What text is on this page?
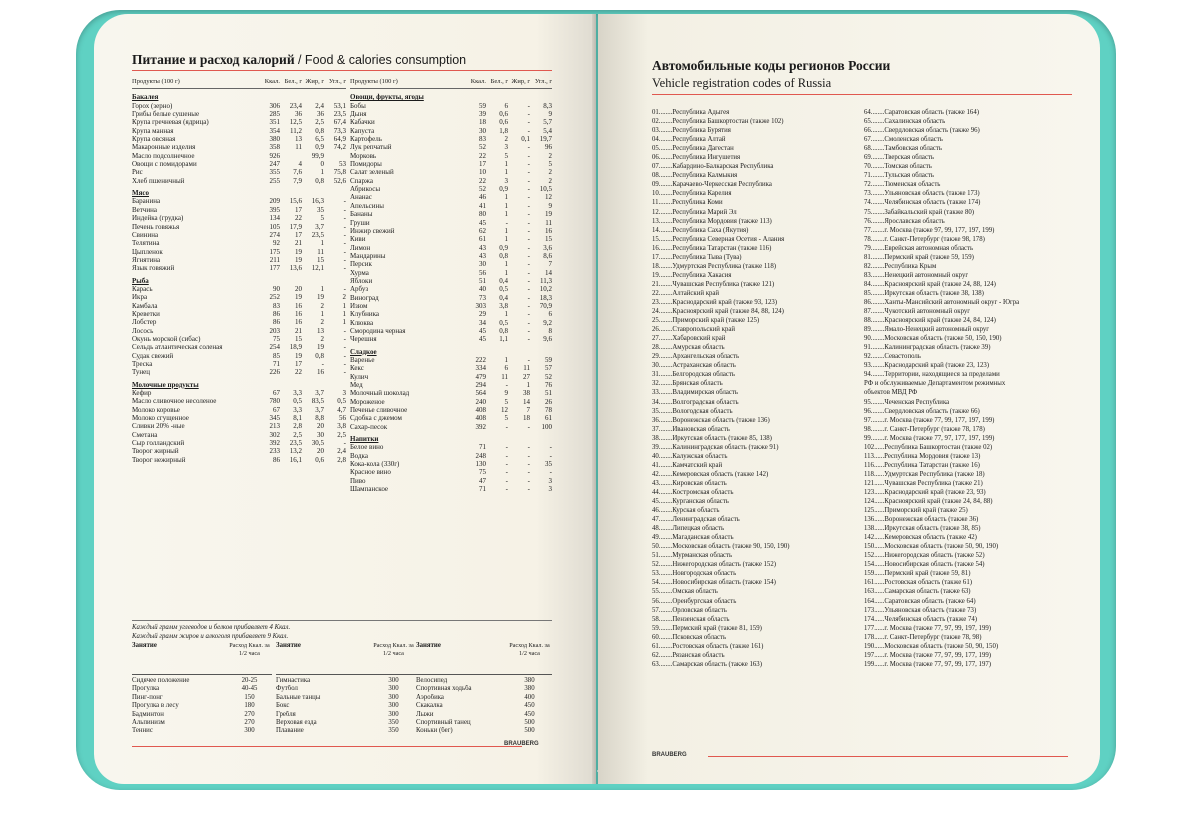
Питание и расход калорий / Food & calories consumption
Продукты (100 г)	Ккал. Бел., г Жир, г Угл., г
Бакалея
Горох (зерно)	306	23,4	2,4	53,1
Грибы белые сушеные	285	36	36	23,5
Крупа гречневая (ядрица)	351	12,5	2,5	67,4
Крупа манная	354	11,2	0,8	73,3
Крупа овсяная	380	13	6,5	64,9
Макаронные изделия	358	11	0,9	74,2
Масло подсолнечное	926	99,9
Овощи с помидорами	247	4	0	53
Рис	355	7,6	1	75,8
Хлеб пшеничный	255	7,9	0,8	52,6
Мясо
Баранина	209	15,6	16,3	-
Ветчина	395	17	35	-
Индейка (грудка)	134	22	5	-
Печень говяжья	105	17,9	3,7	-
Свинина	274	17	23,5	-
Телятина	92	21	1	-
Цыпленок	175	19	11	-
Ягнятина	211	19	15	-
Язык говяжий	177	13,6	12,1	-
Рыба
Карась	90	20	1	-
Икра	252	19	19	2
Камбала	83	16	2	1
Креветки	86	16	1	1
Лобстер	86	16	2	1
Лосось	203	21	13	-
Окунь морской (сибас)	75	15	2	-
Сельдь атлантическая соленая	254	18,9	19	-
Судак свежий	85	19	0,8	-
Треска	71	17	-	-
Тунец	226	22	16	-
Молочные продукты
Кефир	67	3,3	3,7	3
Масло сливочное несоленое	780	0,5	83,5	0,5
Молоко коровье	67	3,3	3,7	4,7
Молоко сгущенное	345	8,1	8,8	56
Сливки 20% -ные	213	2,8	20	3,8
Сметана	302	2,5	30	2,5
Сыр голландский	392	23,5	30,5	-
Творог жирный	233	13,2	20	2,4
Творог нежирный	86	16,1	0,6	2,8
Продукты (100 г)	Ккал. Бел., г Жир, г Угл., г
Овощи, фрукты, ягоды
Бобы	59	6	-	8,3
Дыня	39	0,6	-	9
Кабачки	18	0,6	-	5,7
Капуста	30	1,8	-	5,4
Картофель	83	2	0,1	19,7
Лук репчатый	52	3	-	96
Морковь	22	5	-	2
Помидоры	17	1	-	5
Салат зеленый	10	1	-	2
Спаржа	22	3	-	2
Абрикосы	52	0,9	-	10,5
Ананас	46	1	-	12
Апельсины	41	1	-	9
Бананы	80	1	-	19
Груши	45	-	-	11
Инжир свежий	62	1	-	16
Киви	61	1	-	15
Лимон	43	0,9	-	3,6
Мандарины	43	0,8	-	8,6
Персик	30	1	-	7
Хурма	56	1	-	14
Яблоки	51	0,4	-	11,3
Арбуз	40	0,5	-	10,2
Виноград	73	0,4	-	18,3
Изюм	303	3,8	-	70,9
Клубника	29	1	-	6
Клюква	34	0,5	-	9,2
Смородина черная	45	0,8	-	8
Черешня	45	1,1	-	9,6
Сладкое
Варенье	222	1	-	59
Кекс	334	6	11	57
Кулич	479	11	27	52
Мед	294	-	1	76
Молочный шоколад	564	9	38	51
Мороженое	240	5	14	26
Печенье сливочное	408	12	7	78
Сдобка с джемом	408	5	18	61
Сахар-песок	392	-	-	100
Напитки
Белое вино	71	-	-	-
Водка	248	-	-	-
Кока-кола (330г)	130	-	-	35
Красное вино	75	-	-	-
Пиво	47	-	-	3
Шампанское	71	-	-	3
Каждый грамм углеводов и белков прибавляет 4 Ккал.
Каждый грамм жиров и алкоголя прибавляет 9 Ккал.
Занятие	Расход Ккал. за 1/2 часа
Сидячее положение	20-25
Прогулка	40-45
Пинг-понг	150
Прогулка в лесу	180
Бадминтон	270
Альпинизм	270
Теннис	300
Занятие	Расход Ккал. за 1/2 часа
Гимнастика	300
Футбол	300
Бальные танцы	300
Бокс	300
Гребля	300
Верховая езда	350
Плавание	350
Занятие	Расход Ккал. за 1/2 часа
Велосипед	380
Спортивная ходьба	380
Аэробика	400
Скакалка	450
Лыжи	450
Спортивный танец	500
Коньки (бег)	500
BRAUBERG
Автомобильные коды регионов России
Vehicle registration codes of Russia
01........Республика Адыгея
02........Республика Башкортостан (также 102)
03........Республика Бурятия
04........Республика Алтай
05........Республика Дагестан
06........Республика Ингушетия
07........Кабардино-Балкарская Республика
08........Республика Калмыкия
09........Карачаево-Черкесская Республика
10........Республика Карелия
11........Республика Коми
12........Республика Марий Эл
13........Республика Мордовия (также 113)
14........Республика Саха (Якутия)
15........Республика Северная Осетия - Алания
16........Республика Татарстан (также 116)
17........Республика Тыва (Тува)
18........Удмуртская Республика (также 118)
19........Республика Хакасия
21........Чувашская Республика (также 121)
22........Алтайский край
23........Краснодарский край (также 93, 123)
24........Красноярский край (также 84, 88, 124)
25........Приморский край (также 125)
26........Ставропольский край
27........Хабаровский край
28........Амурская область
29........Архангельская область
30........Астраханская область
31........Белгородская область
32........Брянская область
33........Владимирская область
34........Волгоградская область
35........Вологодская область
36........Воронежская область (также 136)
37........Ивановская область
38........Иркутская область (также 85, 138)
39........Калининградская область (также 91)
40........Калужская область
41........Камчатский край
42........Кемеровская область (также 142)
43........Кировская область
44........Костромская область
45........Курганская область
46........Курская область
47........Ленинградская область
48........Липецкая область
49........Магаданская область
50........Московская область (также 90, 150, 190)
51........Мурманская область
52........Нижегородская область (также 152)
53........Новгородская область
54........Новосибирская область (также 154)
55........Омская область
56........Оренбургская область
57........Орловская область
58........Пензенская область
59........Пермский край (также 81, 159)
60........Псковская область
61........Ростовская область (также 161)
62........Рязанская область
63........Самарская область (также 163)
64........Саратовская область (также 164)
65........Сахалинская область
66........Свердловская область (также 96)
67........Смоленская область
68........Тамбовская область
69........Тверская область
70........Томская область
71........Тульская область
72........Тюменская область
73........Ульяновская область (также 173)
74........Челябинская область (также 174)
75........Забайкальский край (также 80)
76........Ярославская область
77........г. Москва (также 97, 99, 177, 197, 199)
78........г. Санкт-Петербург (также 98, 178)
79........Еврейская автономная область
81........Пермский край (также 59, 159)
82........Республика Крым
83........Ненецкий автономный округ
84........Красноярский край (также 24, 88, 124)
85........Иркутская область (также 38, 138)
86........Ханты-Мансийский автономный округ - Югра
87........Чукотский автономный округ
88........Красноярский край (также 24, 84, 124)
89........Ямало-Ненецкий автономный округ
90........Московская область (также 50, 150, 190)
91........Калининградская область (также 39)
92........Севастополь
93........Краснодарский край (также 23, 123)
94........Территории, находящиеся за пределами
РФ и обслуживаемые Департаментом режимных
объектов МВД РФ
95........Чеченская Республика
96........Свердловская область (также 66)
97........г. Москва (также 77, 99, 177, 197, 199)
98........г. Санкт-Петербург (также 78, 178)
99........г. Москва (также 77, 97, 177, 197, 199)
102......Республика Башкортостан (также 02)
113......Республика Мордовия (также 13)
116......Республика Татарстан (также 16)
118......Удмуртская Республика (также 18)
121......Чувашская Республика (также 21)
123......Краснодарский край (также 23, 93)
124......Красноярский край (также 24, 84, 88)
125......Приморский край (также 25)
136......Воронежская область (также 36)
138......Иркутская область (также 38, 85)
142......Кемеровская область (также 42)
150......Московская область (также 50, 90, 190)
152......Нижегородская область (также 52)
154......Новосибирская область (также 54)
159......Пермский край (также 59, 81)
161......Ростовская область (также 61)
163......Самарская область (также 63)
164......Саратовская область (также 64)
173......Ульяновская область (также 73)
174......Челябинская область (также 74)
177......г. Москва (также 77, 97, 99, 197, 199)
178......г. Санкт-Петербург (также 78, 98)
190......Московская область (также 50, 90, 150)
197......г. Москва (также 77, 97, 99, 177, 199)
199......г. Москва (также 77, 97, 99, 177, 197)
BRAUBERG
